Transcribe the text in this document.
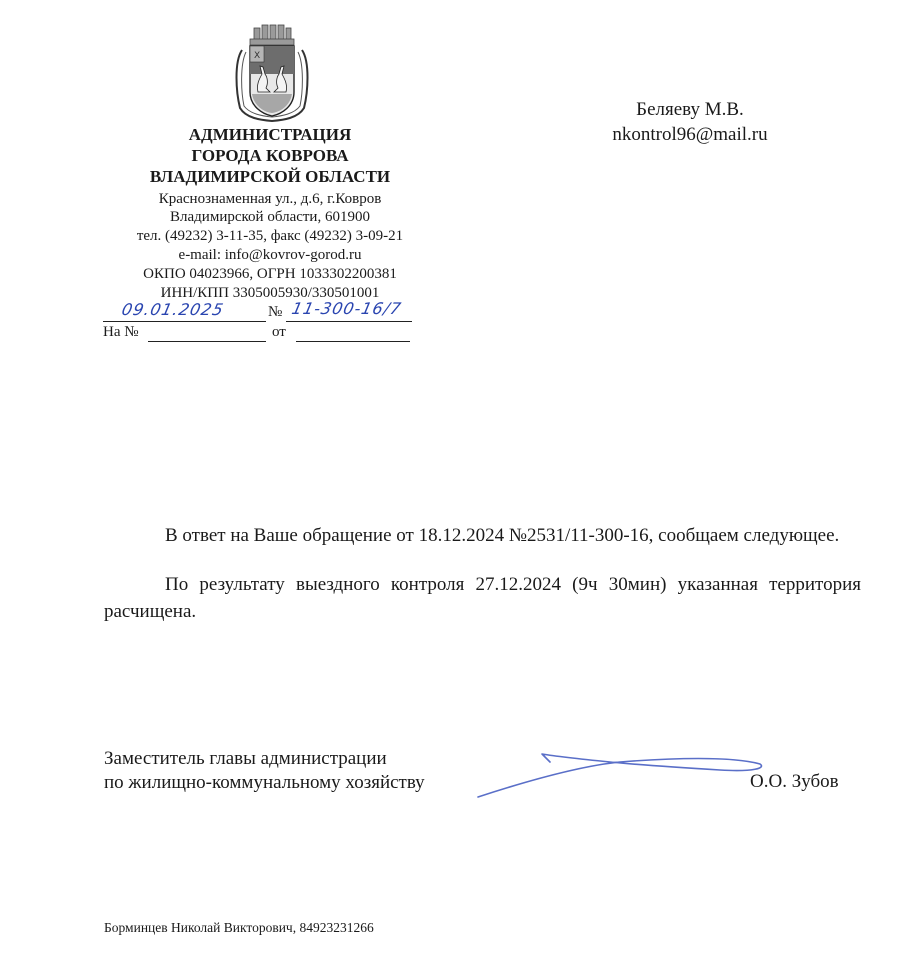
Х
АДМИНИСТРАЦИЯ
ГОРОДА КОВРОВА
ВЛАДИМИРСКОЙ ОБЛАСТИ
Краснознаменная ул., д.6, г.Ковров
Владимирской области, 601900
тел. (49232) 3-11-35, факс (49232) 3-09-21
e-mail: info@kovrov-gorod.ru
ОКПО 04023966, ОГРН 1033302200381
ИНН/КПП 3305005930/330501001
09.01.2025	№ 11-300-16/7
На №	от
Беляеву М.В.
nkontrol96@mail.ru

В ответ на Ваше обращение от 18.12.2024 №2531/11-300-16, сообщаем следующее.

По результату выездного контроля 27.12.2024 (9ч 30мин) указанная территория расчищена.

Заместитель главы администрации
по жилищно-коммунальному хозяйству	О.О. Зубов
Борминцев Николай Викторович, 84923231266
